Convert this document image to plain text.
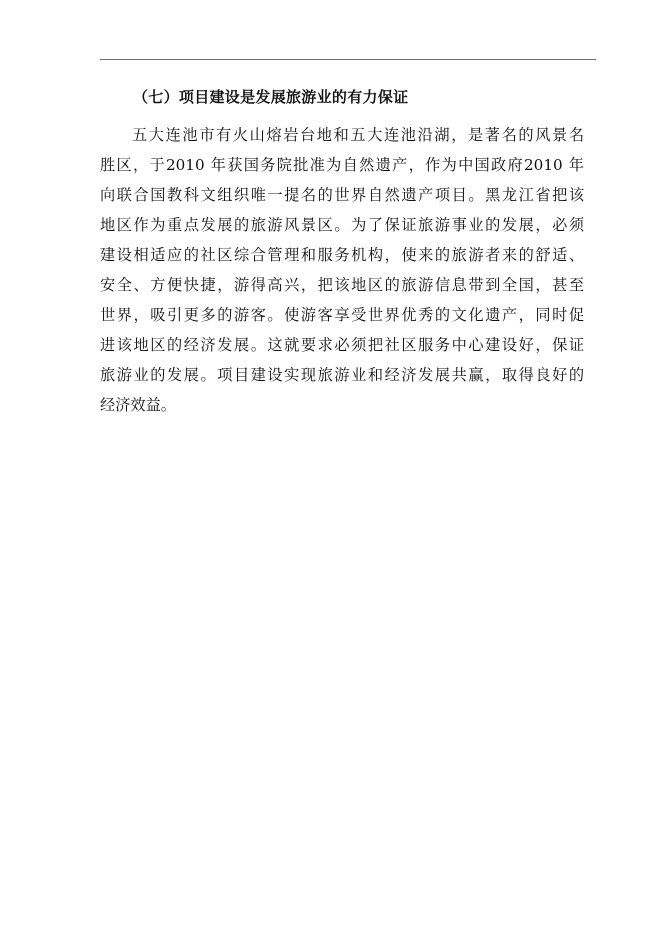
（七）项目建设是发展旅游业的有力保证
五大连池市有火山熔岩台地和五大连池沿湖，是著名的风景名
胜区，于2010 年获国务院批准为自然遗产，作为中国政府2010 年
向联合国教科文组织唯一提名的世界自然遗产项目。黑龙江省把该
地区作为重点发展的旅游风景区。为了保证旅游事业的发展，必须
建设相适应的社区综合管理和服务机构，使来的旅游者来的舒适、
安全、方便快捷，游得高兴，把该地区的旅游信息带到全国，甚至
世界，吸引更多的游客。使游客享受世界优秀的文化遗产，同时促
进该地区的经济发展。这就要求必须把社区服务中心建设好，保证
旅游业的发展。项目建设实现旅游业和经济发展共赢，取得良好的
经济效益。
